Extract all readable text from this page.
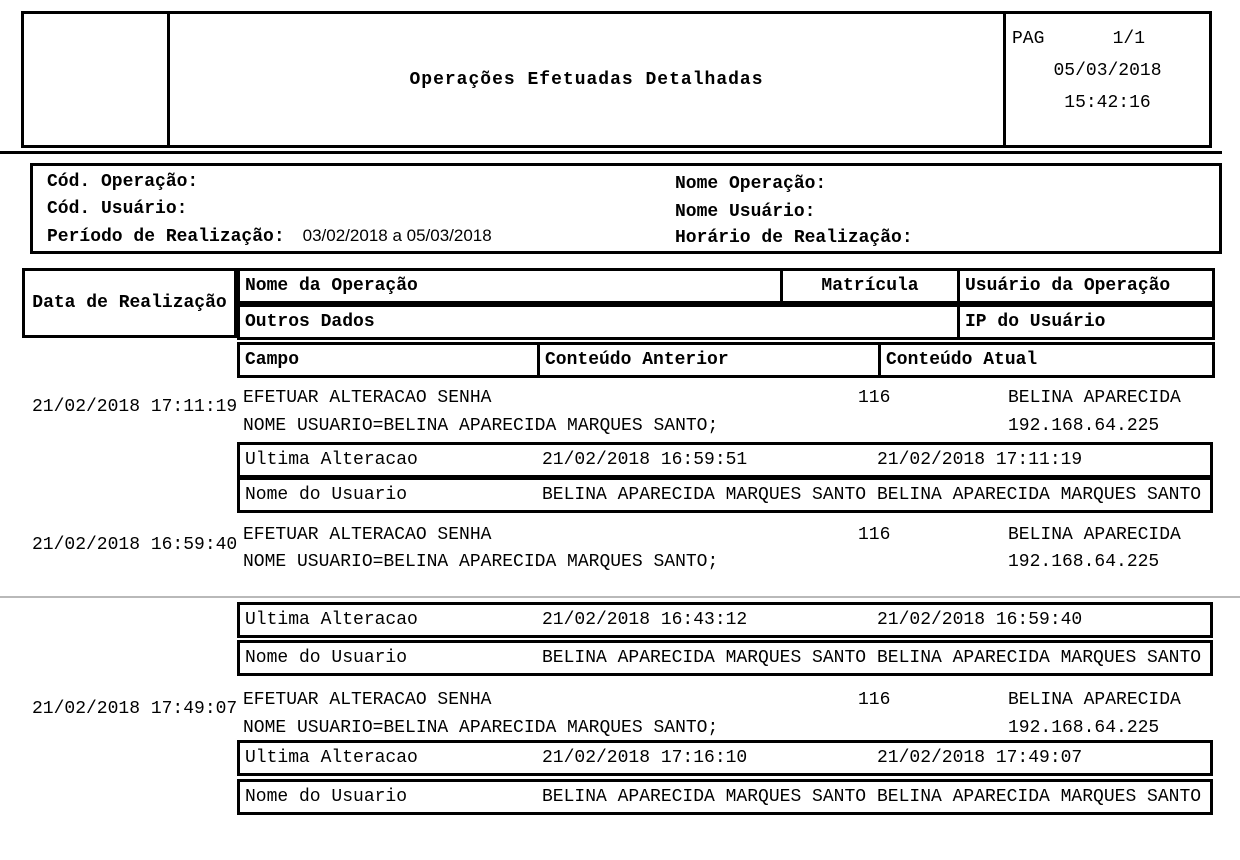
Operações Efetuadas Detalhadas
PAG	1/1
05/03/2018
15:42:16
Cód. Operação:
Cód. Usuário:
Período de Realização: 03/02/2018 a 05/03/2018
Nome Operação:
Nome Usuário:
Horário de Realização:
Data de Realização
Nome da Operação	Matrícula	Usuário da Operação
Outros Dados	IP do Usuário
Campo	Conteúdo Anterior	Conteúdo Atual
21/02/2018 17:11:19 EFETUAR ALTERACAO SENHA	116	BELINA APARECIDA
NOME USUARIO=BELINA APARECIDA MARQUES SANTO;	192.168.64.225
Ultima Alteracao	21/02/2018 16:59:51	21/02/2018 17:11:19
Nome do Usuario	BELINA APARECIDA MARQUES SANTO BELINA APARECIDA MARQUES SANTO
21/02/2018 16:59:40 EFETUAR ALTERACAO SENHA	116	BELINA APARECIDA
NOME USUARIO=BELINA APARECIDA MARQUES SANTO;	192.168.64.225
Ultima Alteracao	21/02/2018 16:43:12	21/02/2018 16:59:40
Nome do Usuario	BELINA APARECIDA MARQUES SANTO BELINA APARECIDA MARQUES SANTO
21/02/2018 17:49:07 EFETUAR ALTERACAO SENHA	116	BELINA APARECIDA
NOME USUARIO=BELINA APARECIDA MARQUES SANTO;	192.168.64.225
Ultima Alteracao	21/02/2018 17:16:10	21/02/2018 17:49:07
Nome do Usuario	BELINA APARECIDA MARQUES SANTO BELINA APARECIDA MARQUES SANTO
